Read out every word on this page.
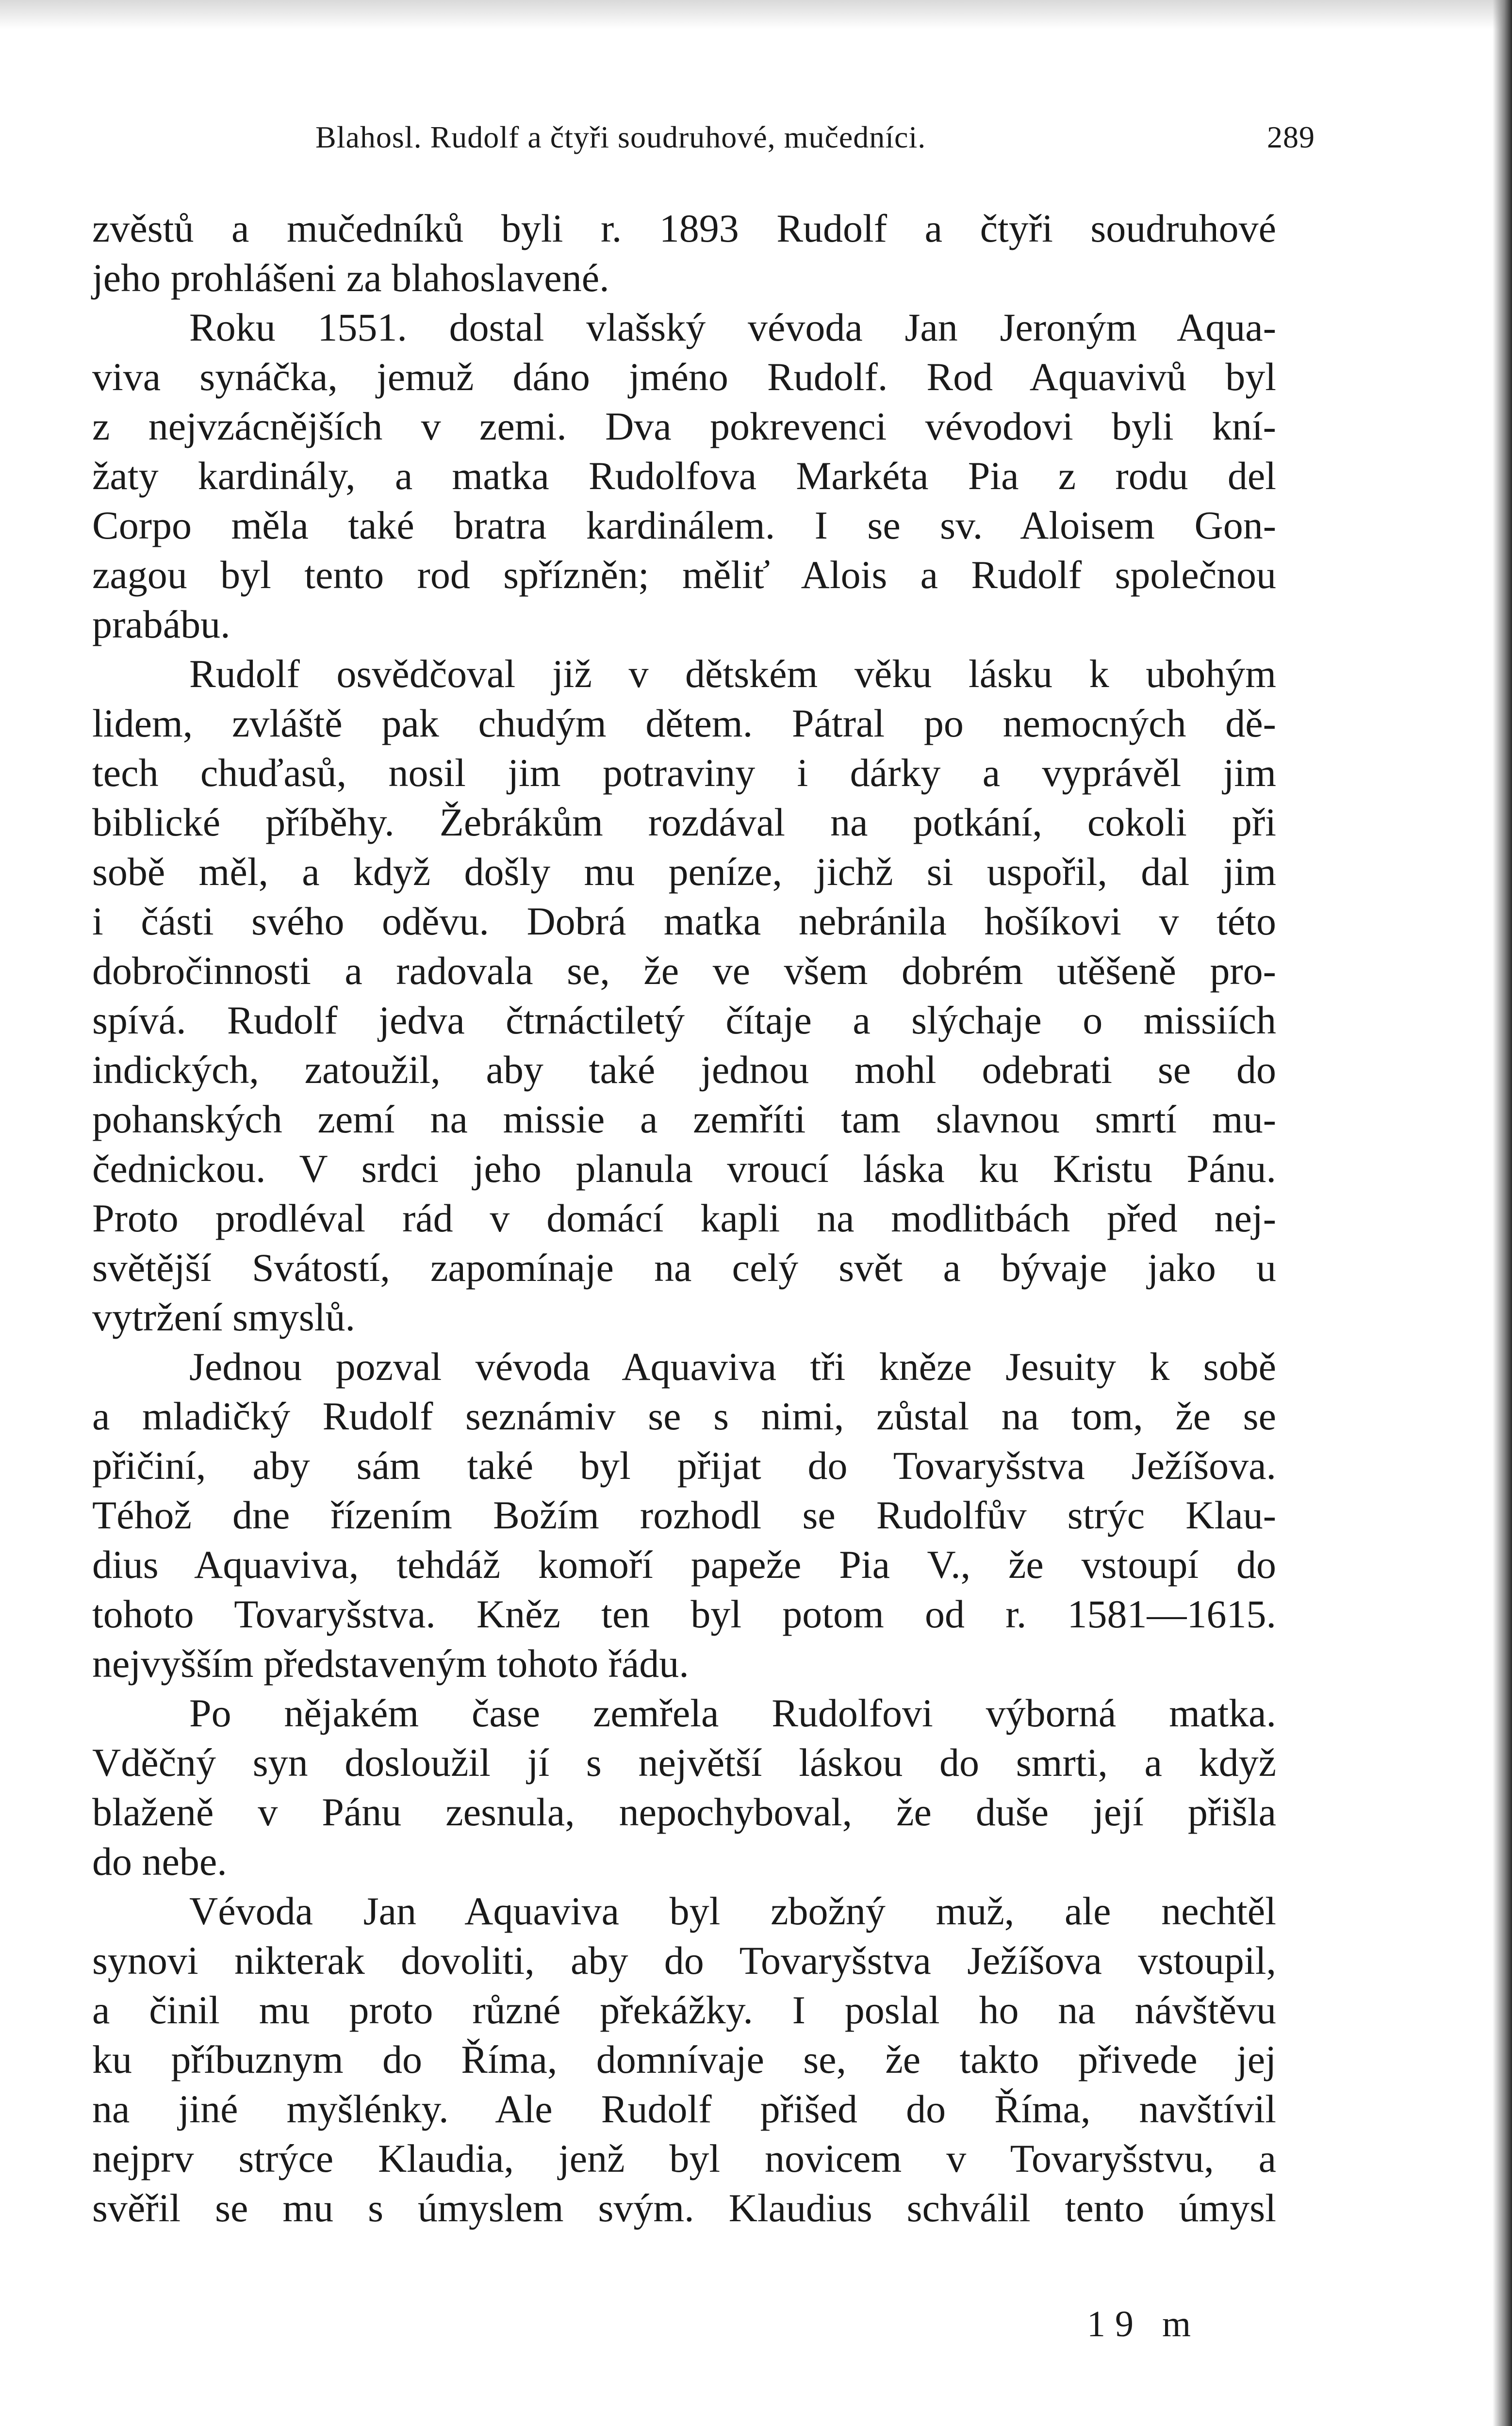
Blahosl. Rudolf a čtyři soudruhové, mučedníci.	289
zvěstů a mučedníků byli r. 1893 Rudolf a čtyři soudruhové
jeho prohlášeni za blahoslavené.
Roku 1551. dostal vlašský vévoda Jan Jeroným Aqua-
viva synáčka, jemuž dáno jméno Rudolf. Rod Aquavivů byl
z nejvzácnějších v zemi. Dva pokrevenci vévodovi byli kní-
žaty kardinály, a matka Rudolfova Markéta Pia z rodu del
Corpo měla také bratra kardinálem. I se sv. Aloisem Gon-
zagou byl tento rod spřízněn; měliť Alois a Rudolf společnou
prabábu.
Rudolf osvědčoval již v dětském věku lásku k ubohým
lidem, zvláště pak chudým dětem. Pátral po nemocných dě-
tech chuďasů, nosil jim potraviny i dárky a vyprávěl jim
biblické příběhy. Žebrákům rozdával na potkání, cokoli při
sobě měl, a když došly mu peníze, jichž si uspořil, dal jim
i části svého oděvu. Dobrá matka nebránila hošíkovi v této
dobročinnosti a radovala se, že ve všem dobrém utěšeně pro-
spívá. Rudolf jedva čtrnáctiletý čítaje a slýchaje o missiích
indických, zatoužil, aby také jednou mohl odebrati se do
pohanských zemí na missie a zemříti tam slavnou smrtí mu-
čednickou. V srdci jeho planula vroucí láska ku Kristu Pánu.
Proto prodléval rád v domácí kapli na modlitbách před nej-
světější Svátostí, zapomínaje na celý svět a bývaje jako u
vytržení smyslů.
Jednou pozval vévoda Aquaviva tři kněze Jesuity k sobě
a mladičký Rudolf seznámiv se s nimi, zůstal na tom, že se
přičiní, aby sám také byl přijat do Tovaryšstva Ježíšova.
Téhož dne řízením Božím rozhodl se Rudolfův strýc Klau-
dius Aquaviva, tehdáž komoří papeže Pia V., že vstoupí do
tohoto Tovaryšstva. Kněz ten byl potom od r. 1581—1615.
nejvyšším představeným tohoto řádu.
Po nějakém čase zemřela Rudolfovi výborná matka.
Vděčný syn dosloužil jí s největší láskou do smrti, a když
blaženě v Pánu zesnula, nepochyboval, že duše její přišla
do nebe.
Vévoda Jan Aquaviva byl zbožný muž, ale nechtěl
synovi nikterak dovoliti, aby do Tovaryšstva Ježíšova vstoupil,
a činil mu proto různé překážky. I poslal ho na návštěvu
ku příbuznym do Říma, domnívaje se, že takto přivede jej
na jiné myšlénky. Ale Rudolf přišed do Říma, navštívil
nejprv strýce Klaudia, jenž byl novicem v Tovaryšstvu, a
svěřil se mu s úmyslem svým. Klaudius schválil tento úmysl
19 m
